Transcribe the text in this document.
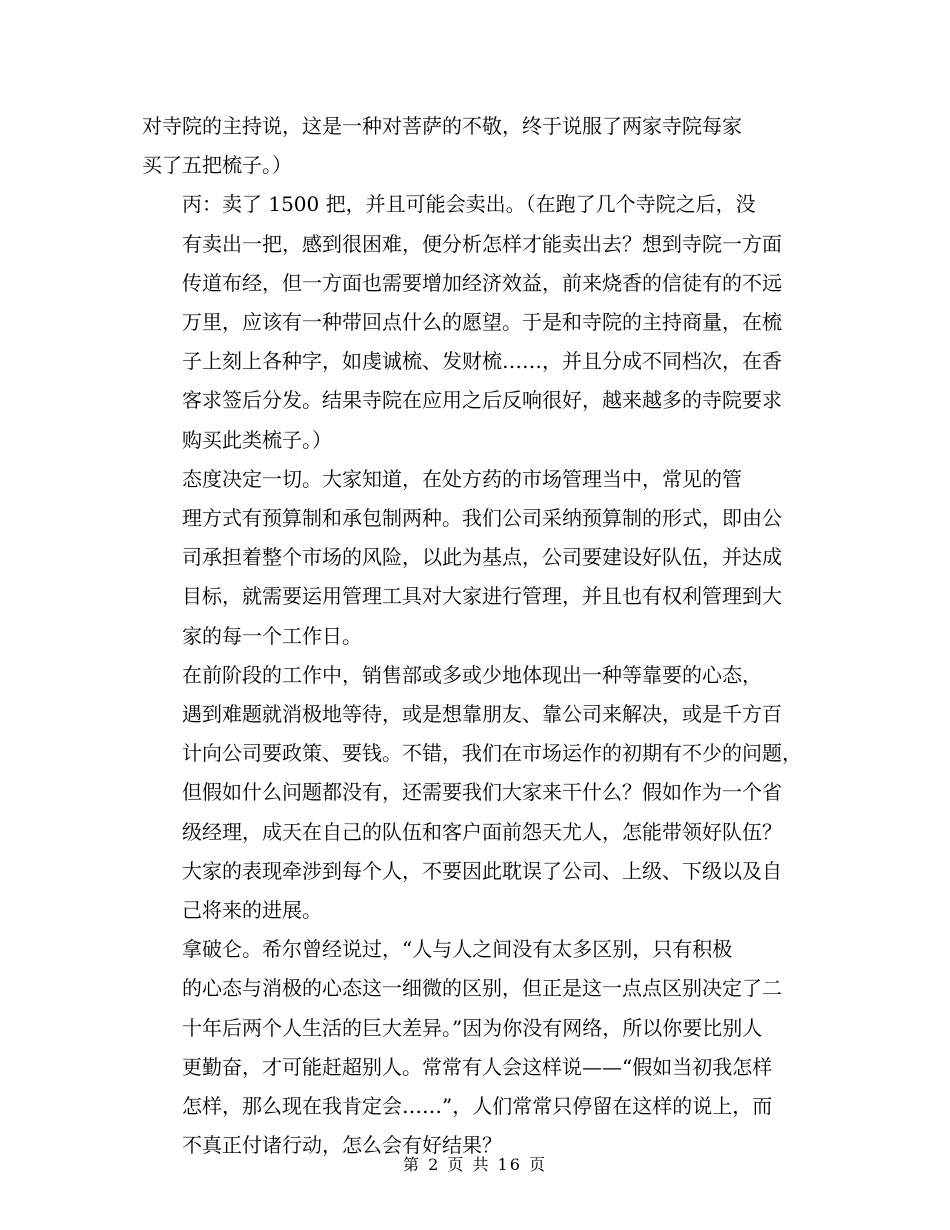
对寺院的主持说，这是一种对菩萨的不敬，终于说服了两家寺院每家
买了五把梳子。）

丙：卖了 1500 把，并且可能会卖出。（在跑了几个寺院之后，没
有卖出一把，感到很困难，便分析怎样才能卖出去？想到寺院一方面
传道布经，但一方面也需要增加经济效益，前来烧香的信徒有的不远
万里，应该有一种带回点什么的愿望。于是和寺院的主持商量，在梳
子上刻上各种字，如虔诚梳、发财梳……，并且分成不同档次，在香
客求签后分发。结果寺院在应用之后反响很好，越来越多的寺院要求
购买此类梳子。）

态度决定一切。大家知道，在处方药的市场管理当中，常见的管
理方式有预算制和承包制两种。我们公司采纳预算制的形式，即由公
司承担着整个市场的风险，以此为基点，公司要建设好队伍，并达成
目标，就需要运用管理工具对大家进行管理，并且也有权利管理到大
家的每一个工作日。

在前阶段的工作中，销售部或多或少地体现出一种等靠要的心态，
遇到难题就消极地等待，或是想靠朋友、靠公司来解决，或是千方百
计向公司要政策、要钱。不错，我们在市场运作的初期有不少的问题，
但假如什么问题都没有，还需要我们大家来干什么？假如作为一个省
级经理，成天在自己的队伍和客户面前怨天尤人，怎能带领好队伍？
大家的表现牵涉到每个人，不要因此耽误了公司、上级、下级以及自
己将来的进展。

拿破仑。希尔曾经说过，“人与人之间没有太多区别，只有积极
的心态与消极的心态这一细微的区别，但正是这一点点区别决定了二
十年后两个人生活的巨大差异。”因为你没有网络，所以你要比别人
更勤奋，才可能赶超别人。常常有人会这样说——“假如当初我怎样
怎样，那么现在我肯定会……”，人们常常只停留在这样的说上，而
不真正付诸行动，怎么会有好结果？

第 2 页 共 16 页
